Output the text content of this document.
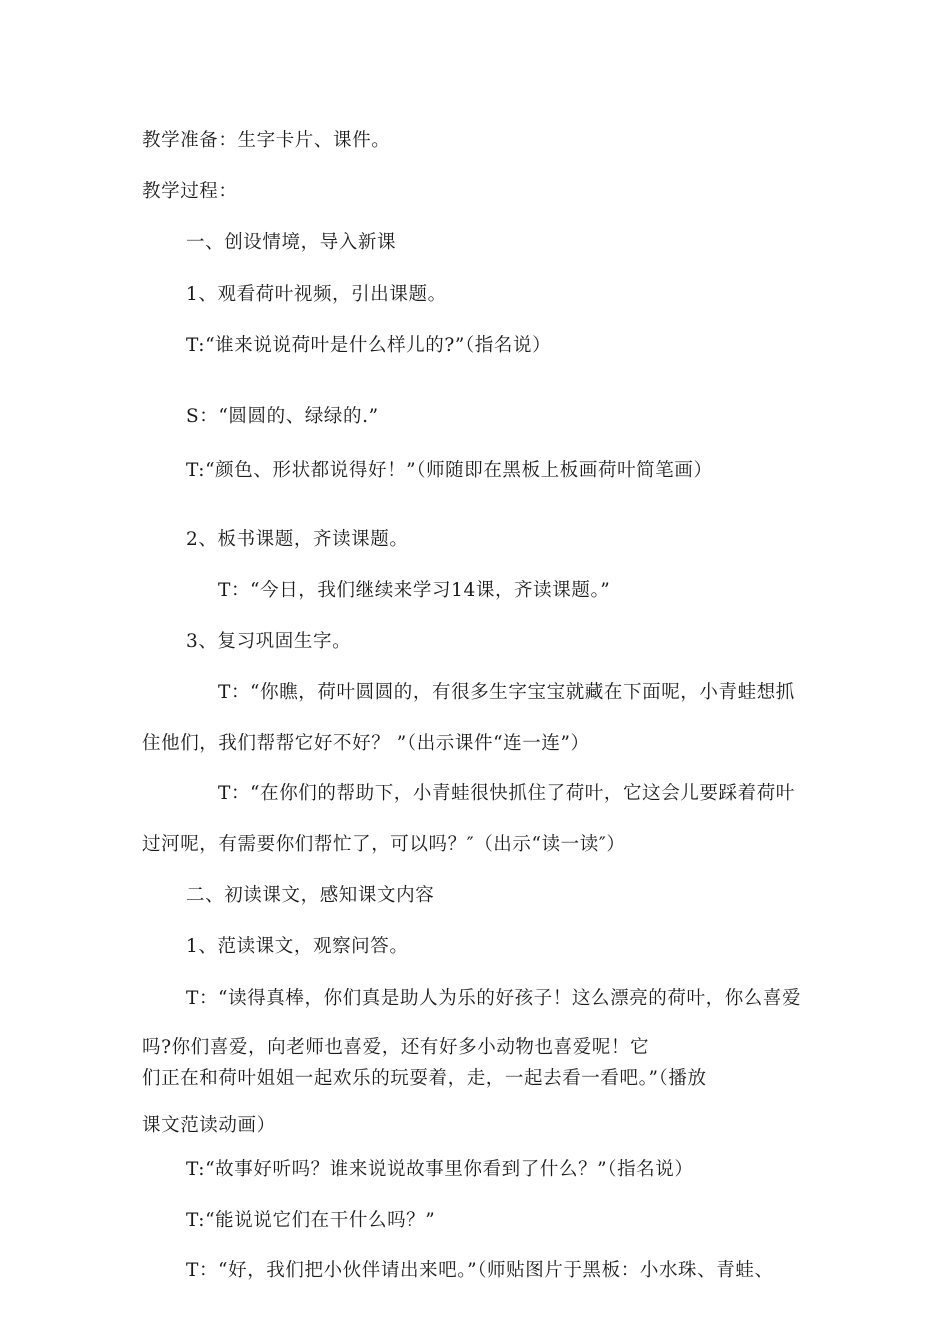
教学准备：生字卡片、课件。
教学过程：
一、创设情境，导入新课
1、观看荷叶视频，引出课题。
T:“谁来说说荷叶是什么样儿的?”（指名说）
S：“圆圆的、绿绿的.”
T:“颜色、形状都说得好！”（师随即在黑板上板画荷叶简笔画）
2、板书课题，齐读课题。
T：“今日，我们继续来学习14课，齐读课题。”
3、复习巩固生字。
T：“你瞧，荷叶圆圆的，有很多生字宝宝就藏在下面呢，小青蛙想抓
住他们，我们帮帮它好不好？ ”（出示课件“连一连”）
T：“在你们的帮助下，小青蛙很快抓住了荷叶，它这会儿要踩着荷叶
过河呢，有需要你们帮忙了，可以吗？″（出示“读一读″）
二、初读课文，感知课文内容
1、范读课文，观察问答。
T：“读得真棒，你们真是助人为乐的好孩子！这么漂亮的荷叶，你么喜爱
吗?你们喜爱，向老师也喜爱，还有好多小动物也喜爱呢！它
们正在和荷叶姐姐一起欢乐的玩耍着，走，一起去看一看吧。”（播放
课文范读动画）
T:“故事好听吗？谁来说说故事里你看到了什么？”（指名说）
T:“能说说它们在干什么吗？”
T：“好，我们把小伙伴请出来吧。”（师贴图片于黑板：小水珠、青蛙、
